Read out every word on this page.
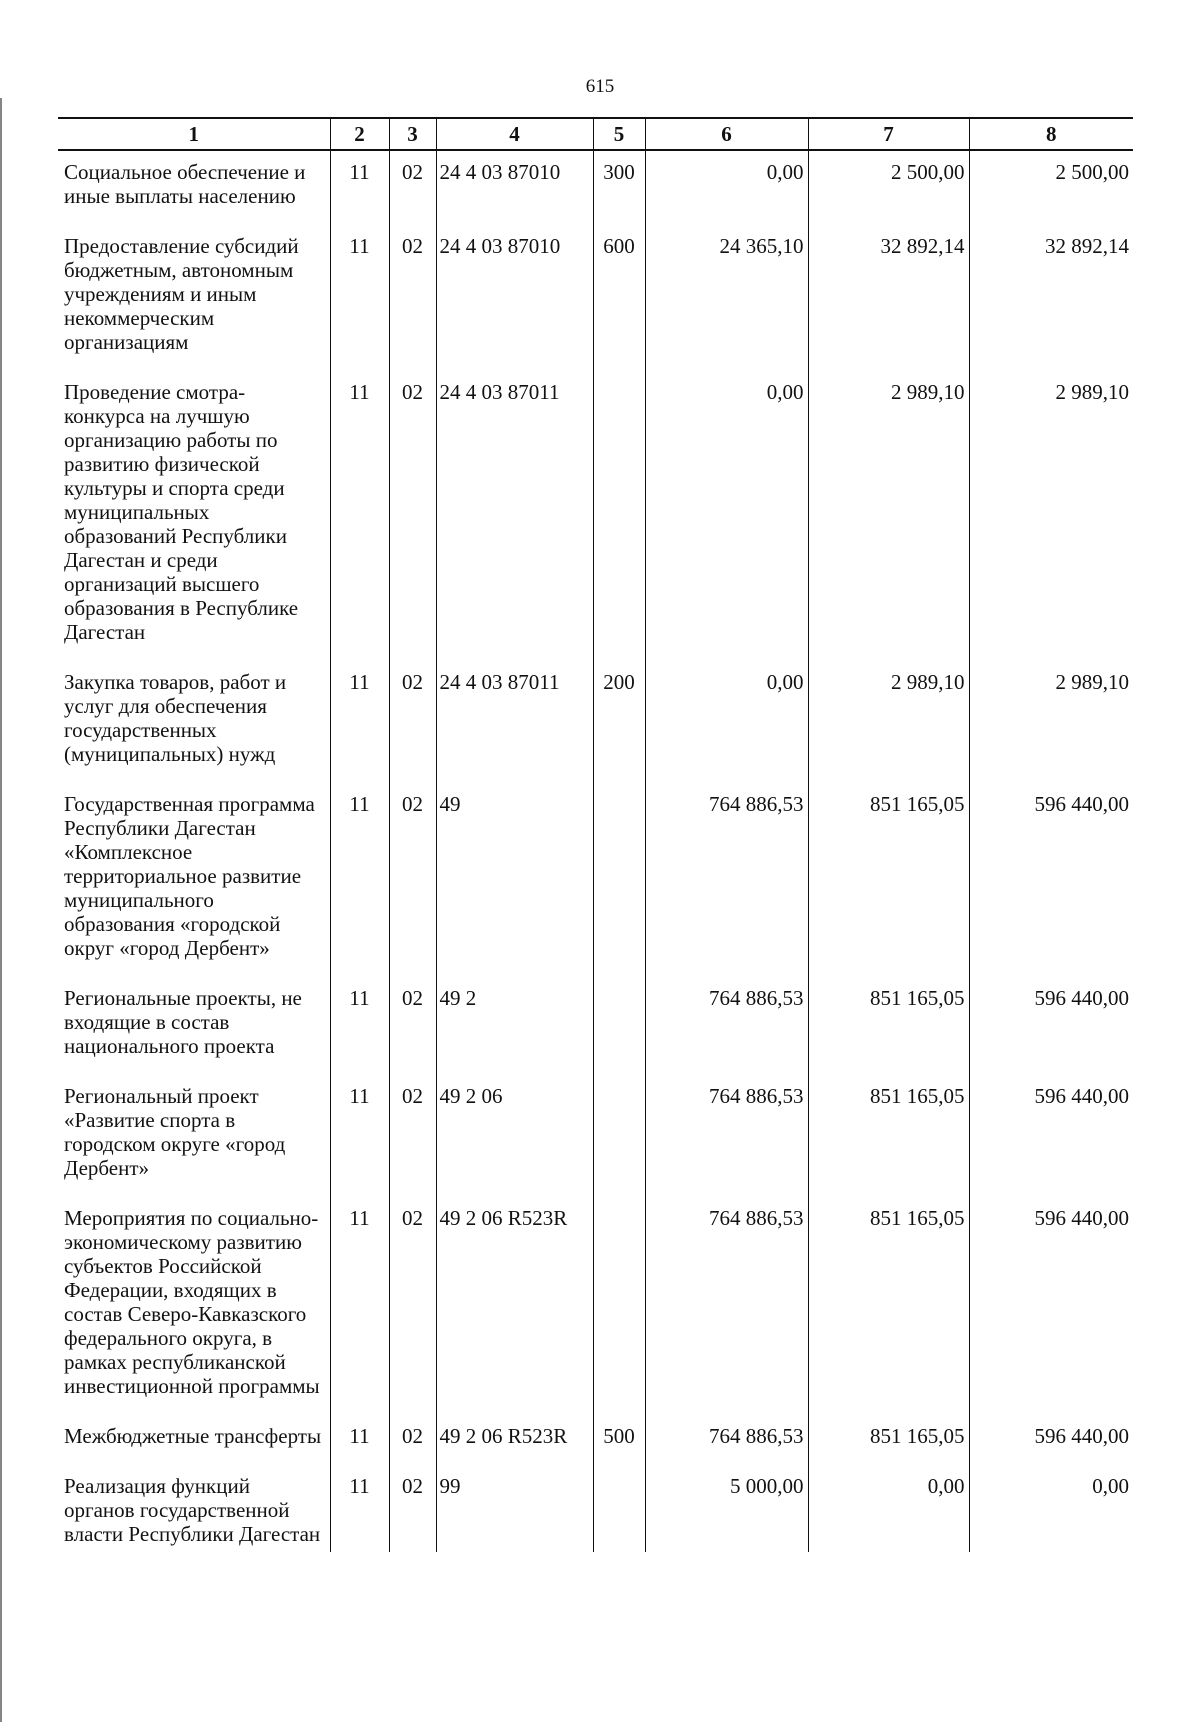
615
1	2	3	4	5	6	7	8
Социальное обеспечение и иные выплаты населению	11	02	24 4 03 87010	300	0,00	2 500,00	2 500,00
Предоставление субсидий бюджетным, автономным учреждениям и иным некоммерческим организациям	11	02	24 4 03 87010	600	24 365,10	32 892,14	32 892,14
Проведение смотра-конкурса на лучшую организацию работы по развитию физической культуры и спорта среди муниципальных образований Республики Дагестан и среди организаций высшего образования в Республике Дагестан	11	02	24 4 03 87011		0,00	2 989,10	2 989,10
Закупка товаров, работ и услуг для обеспечения государственных (муниципальных) нужд	11	02	24 4 03 87011	200	0,00	2 989,10	2 989,10
Государственная программа Республики Дагестан «Комплексное территориальное развитие муниципального образования «городской округ «город Дербент»	11	02	49		764 886,53	851 165,05	596 440,00
Региональные проекты, не входящие в состав национального проекта	11	02	49 2		764 886,53	851 165,05	596 440,00
Региональный проект «Развитие спорта в городском округе «город Дербент»	11	02	49 2 06		764 886,53	851 165,05	596 440,00
Мероприятия по социально-экономическому развитию субъектов Российской Федерации, входящих в состав Северо-Кавказского федерального округа, в рамках республиканской инвестиционной программы	11	02	49 2 06 R523R		764 886,53	851 165,05	596 440,00
Межбюджетные трансферты	11	02	49 2 06 R523R	500	764 886,53	851 165,05	596 440,00
Реализация функций органов государственной власти Республики Дагестан	11	02	99		5 000,00	0,00	0,00
